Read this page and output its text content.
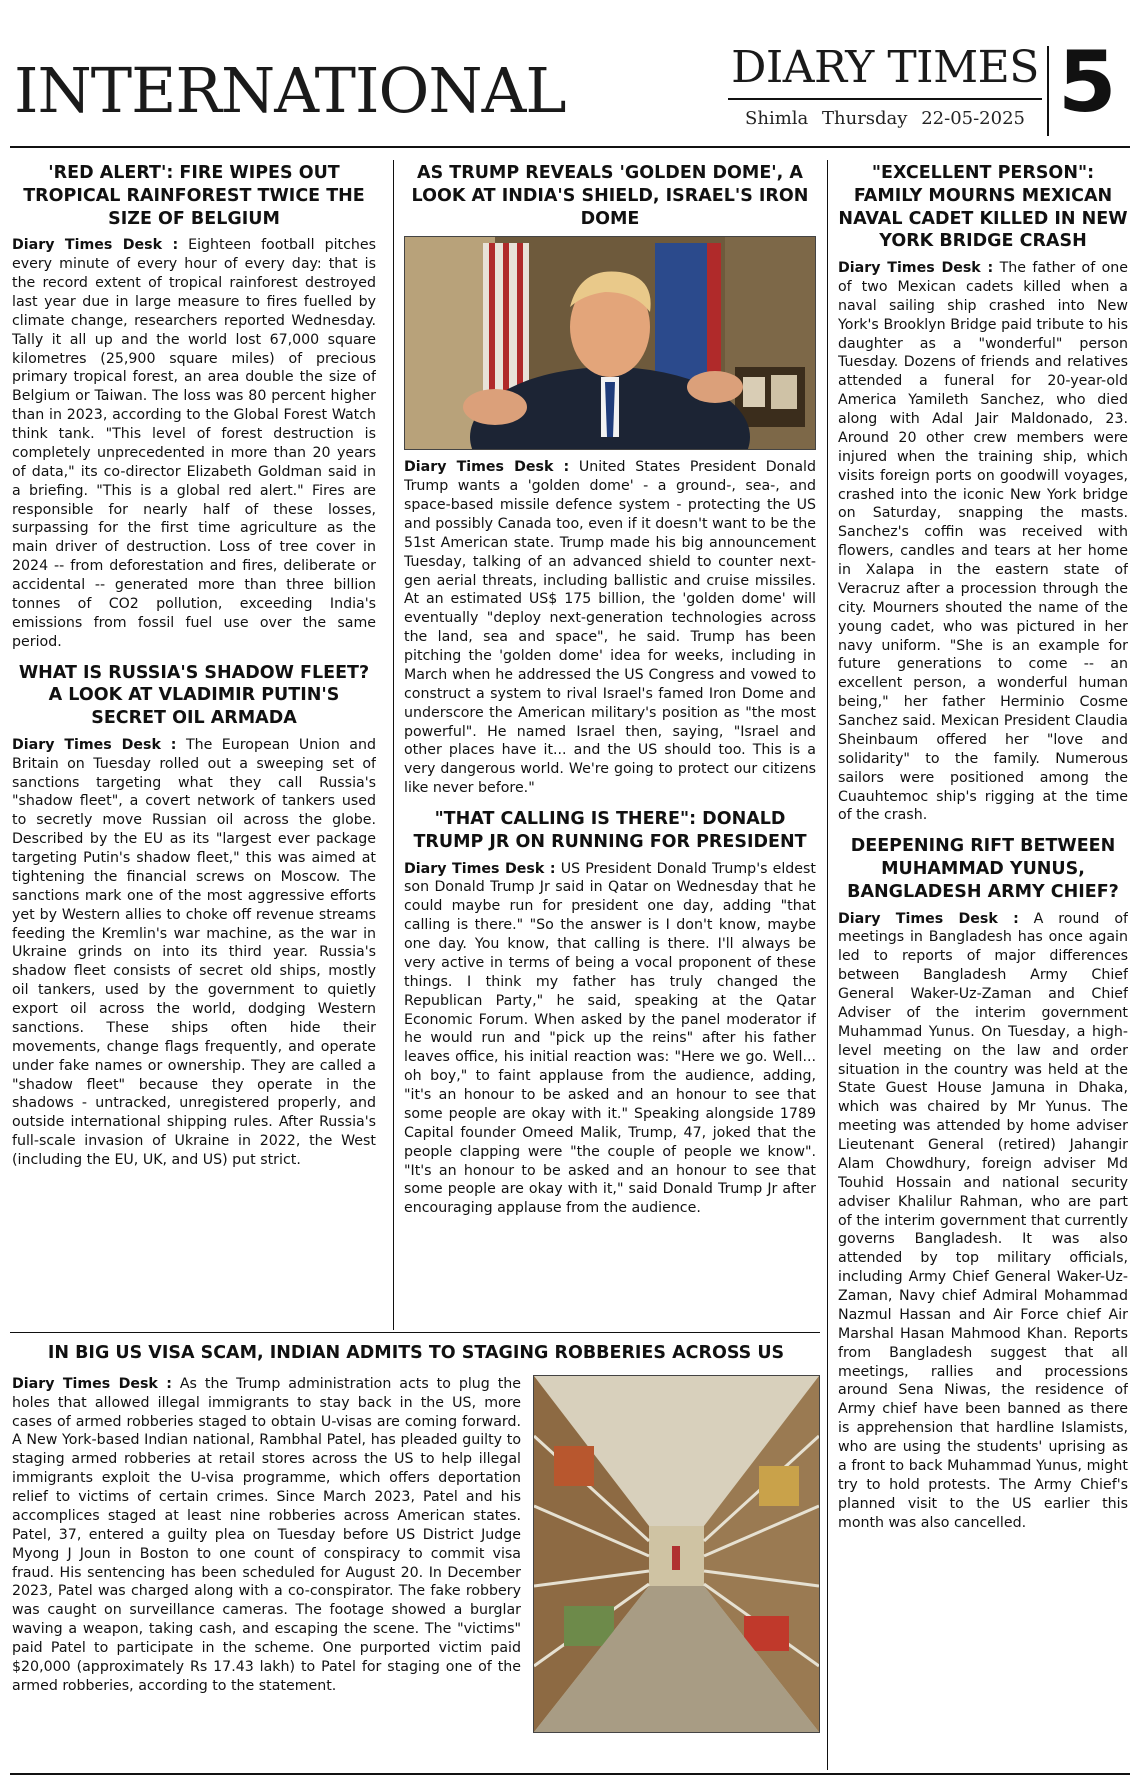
INTERNATIONAL	DIARY TIMES
Shimla Thursday 22-05-2025 5
'RED ALERT': FIRE WIPES OUT TROPICAL RAINFOREST TWICE THE SIZE OF BELGIUM

Diary Times Desk : Eighteen football pitches every minute of every hour of every day: that is the record extent of tropical rainforest destroyed last year due in large measure to fires fuelled by climate change, researchers reported Wednesday. Tally it all up and the world lost 67,000 square kilometres (25,900 square miles) of precious primary tropical forest, an area double the size of Belgium or Taiwan. The loss was 80 percent higher than in 2023, according to the Global Forest Watch think tank. "This level of forest destruction is completely unprecedented in more than 20 years of data," its co-director Elizabeth Goldman said in a briefing. "This is a global red alert." Fires are responsible for nearly half of these losses, surpassing for the first time agriculture as the main driver of destruction. Loss of tree cover in 2024 -- from deforestation and fires, deliberate or accidental -- generated more than three billion tonnes of CO2 pollution, exceeding India's emissions from fossil fuel use over the same period.

WHAT IS RUSSIA'S SHADOW FLEET? A LOOK AT VLADIMIR PUTIN'S SECRET OIL ARMADA

Diary Times Desk : The European Union and Britain on Tuesday rolled out a sweeping set of sanctions targeting what they call Russia's "shadow fleet", a covert network of tankers used to secretly move Russian oil across the globe. Described by the EU as its "largest ever package targeting Putin's shadow fleet," this was aimed at tightening the financial screws on Moscow. The sanctions mark one of the most aggressive efforts yet by Western allies to choke off revenue streams feeding the Kremlin's war machine, as the war in Ukraine grinds on into its third year. Russia's shadow fleet consists of secret old ships, mostly oil tankers, used by the government to quietly export oil across the world, dodging Western sanctions. These ships often hide their movements, change flags frequently, and operate under fake names or ownership. They are called a "shadow fleet" because they operate in the shadows - untracked, unregistered properly, and outside international shipping rules. After Russia's full-scale invasion of Ukraine in 2022, the West (including the EU, UK, and US) put strict.

AS TRUMP REVEALS 'GOLDEN DOME', A LOOK AT INDIA'S SHIELD, ISRAEL'S IRON DOME

Diary Times Desk : United States President Donald Trump wants a 'golden dome' - a ground-, sea-, and space-based missile defence system - protecting the US and possibly Canada too, even if it doesn't want to be the 51st American state. Trump made his big announcement Tuesday, talking of an advanced shield to counter next-gen aerial threats, including ballistic and cruise missiles. At an estimated US$ 175 billion, the 'golden dome' will eventually "deploy next-generation technologies across the land, sea and space", he said. Trump has been pitching the 'golden dome' idea for weeks, including in March when he addressed the US Congress and vowed to construct a system to rival Israel's famed Iron Dome and underscore the American military's position as "the most powerful". He named Israel then, saying, "Israel and other places have it... and the US should too. This is a very dangerous world. We're going to protect our citizens like never before."

"THAT CALLING IS THERE": DONALD TRUMP JR ON RUNNING FOR PRESIDENT

Diary Times Desk : US President Donald Trump's eldest son Donald Trump Jr said in Qatar on Wednesday that he could maybe run for president one day, adding "that calling is there." "So the answer is I don't know, maybe one day. You know, that calling is there. I'll always be very active in terms of being a vocal proponent of these things. I think my father has truly changed the Republican Party," he said, speaking at the Qatar Economic Forum. When asked by the panel moderator if he would run and "pick up the reins" after his father leaves office, his initial reaction was: "Here we go. Well... oh boy," to faint applause from the audience, adding, "it's an honour to be asked and an honour to see that some people are okay with it." Speaking alongside 1789 Capital founder Omeed Malik, Trump, 47, joked that the people clapping were "the couple of people we know". "It's an honour to be asked and an honour to see that some people are okay with it," said Donald Trump Jr after encouraging applause from the audience.

"EXCELLENT PERSON": FAMILY MOURNS MEXICAN NAVAL CADET KILLED IN NEW YORK BRIDGE CRASH

Diary Times Desk : The father of one of two Mexican cadets killed when a naval sailing ship crashed into New York's Brooklyn Bridge paid tribute to his daughter as a "wonderful" person Tuesday. Dozens of friends and relatives attended a funeral for 20-year-old America Yamileth Sanchez, who died along with Adal Jair Maldonado, 23. Around 20 other crew members were injured when the training ship, which visits foreign ports on goodwill voyages, crashed into the iconic New York bridge on Saturday, snapping the masts. Sanchez's coffin was received with flowers, candles and tears at her home in Xalapa in the eastern state of Veracruz after a procession through the city. Mourners shouted the name of the young cadet, who was pictured in her navy uniform. "She is an example for future generations to come -- an excellent person, a wonderful human being," her father Herminio Cosme Sanchez said. Mexican President Claudia Sheinbaum offered her "love and solidarity" to the family. Numerous sailors were positioned among the Cuauhtemoc ship's rigging at the time of the crash.

DEEPENING RIFT BETWEEN MUHAMMAD YUNUS, BANGLADESH ARMY CHIEF?

Diary Times Desk : A round of meetings in Bangladesh has once again led to reports of major differences between Bangladesh Army Chief General Waker-Uz-Zaman and Chief Adviser of the interim government Muhammad Yunus. On Tuesday, a high-level meeting on the law and order situation in the country was held at the State Guest House Jamuna in Dhaka, which was chaired by Mr Yunus. The meeting was attended by home adviser Lieutenant General (retired) Jahangir Alam Chowdhury, foreign adviser Md Touhid Hossain and national security adviser Khalilur Rahman, who are part of the interim government that currently governs Bangladesh. It was also attended by top military officials, including Army Chief General Waker-Uz-Zaman, Navy chief Admiral Mohammad Nazmul Hassan and Air Force chief Air Marshal Hasan Mahmood Khan. Reports from Bangladesh suggest that all meetings, rallies and processions around Sena Niwas, the residence of Army chief have been banned as there is apprehension that hardline Islamists, who are using the students' uprising as a front to back Muhammad Yunus, might try to hold protests. The Army Chief's planned visit to the US earlier this month was also cancelled.

IN BIG US VISA SCAM, INDIAN ADMITS TO STAGING ROBBERIES ACROSS US

Diary Times Desk : As the Trump administration acts to plug the holes that allowed illegal immigrants to stay back in the US, more cases of armed robberies staged to obtain U-visas are coming forward. A New York-based Indian national, Rambhal Patel, has pleaded guilty to staging armed robberies at retail stores across the US to help illegal immigrants exploit the U-visa programme, which offers deportation relief to victims of certain crimes. Since March 2023, Patel and his accomplices staged at least nine robberies across American states. Patel, 37, entered a guilty plea on Tuesday before US District Judge Myong J Joun in Boston to one count of conspiracy to commit visa fraud. His sentencing has been scheduled for August 20. In December 2023, Patel was charged along with a co-conspirator. The fake robbery was caught on surveillance cameras. The footage showed a burglar waving a weapon, taking cash, and escaping the scene. The "victims" paid Patel to participate in the scheme. One purported victim paid $20,000 (approximately Rs 17.43 lakh) to Patel for staging one of the armed robberies, according to the statement.
